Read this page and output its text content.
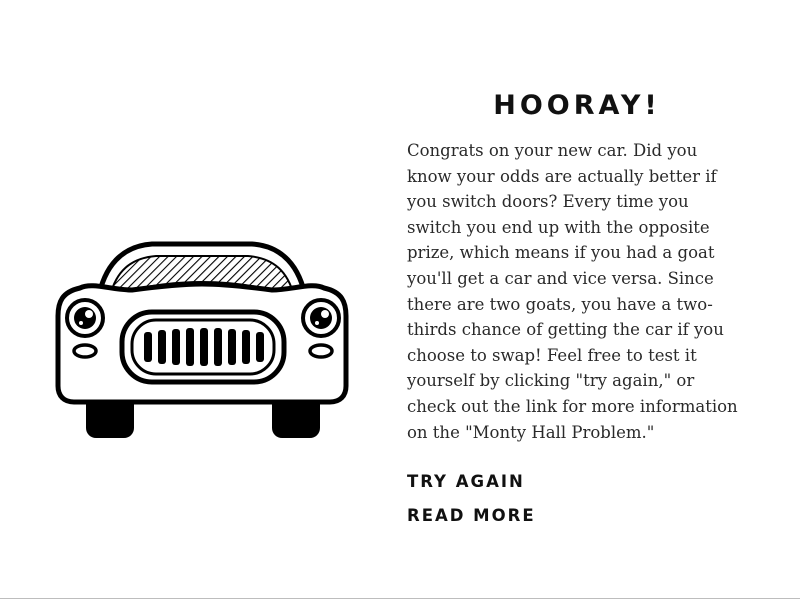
HOORAY!

Congrats on your new car. Did you know your odds are actually better if you switch doors? Every time you switch you end up with the opposite prize, which means if you had a goat you'll get a car and vice versa. Since there are two goats, you have a two-thirds chance of getting the car if you choose to swap! Feel free to test it yourself by clicking "try again," or check out the link for more information on the "Monty Hall Problem."

TRY AGAIN
READ MORE
